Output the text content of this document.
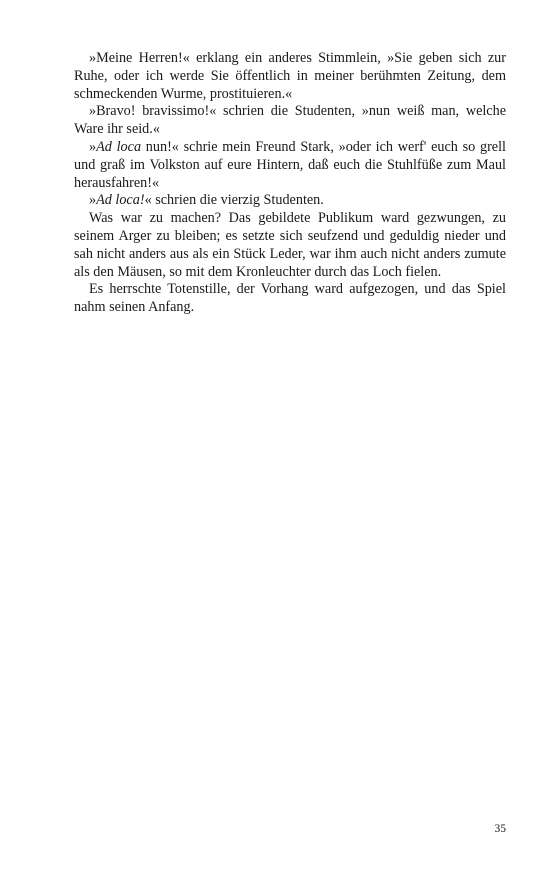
»Meine Herren!« erklang ein anderes Stimmlein, »Sie geben sich zur Ruhe, oder ich werde Sie öffentlich in meiner berühmten Zeitung, dem schmeckenden Wurme, prostituieren.«

»Bravo! bravissimo!« schrien die Studenten, »nun weiß man, welche Ware ihr seid.«

»Ad loca nun!« schrie mein Freund Stark, »oder ich werf' euch so grell und graß im Volkston auf eure Hintern, daß euch die Stuhlfüße zum Maul herausfahren!«

»Ad loca!« schrien die vierzig Studenten.

Was war zu machen? Das gebildete Publikum ward gezwungen, zu seinem Arger zu bleiben; es setzte sich seufzend und geduldig nieder und sah nicht anders aus als ein Stück Leder, war ihm auch nicht anders zumute als den Mäusen, so mit dem Kronleuchter durch das Loch fielen.

Es herrschte Totenstille, der Vorhang ward aufgezogen, und das Spiel nahm seinen Anfang.

35
